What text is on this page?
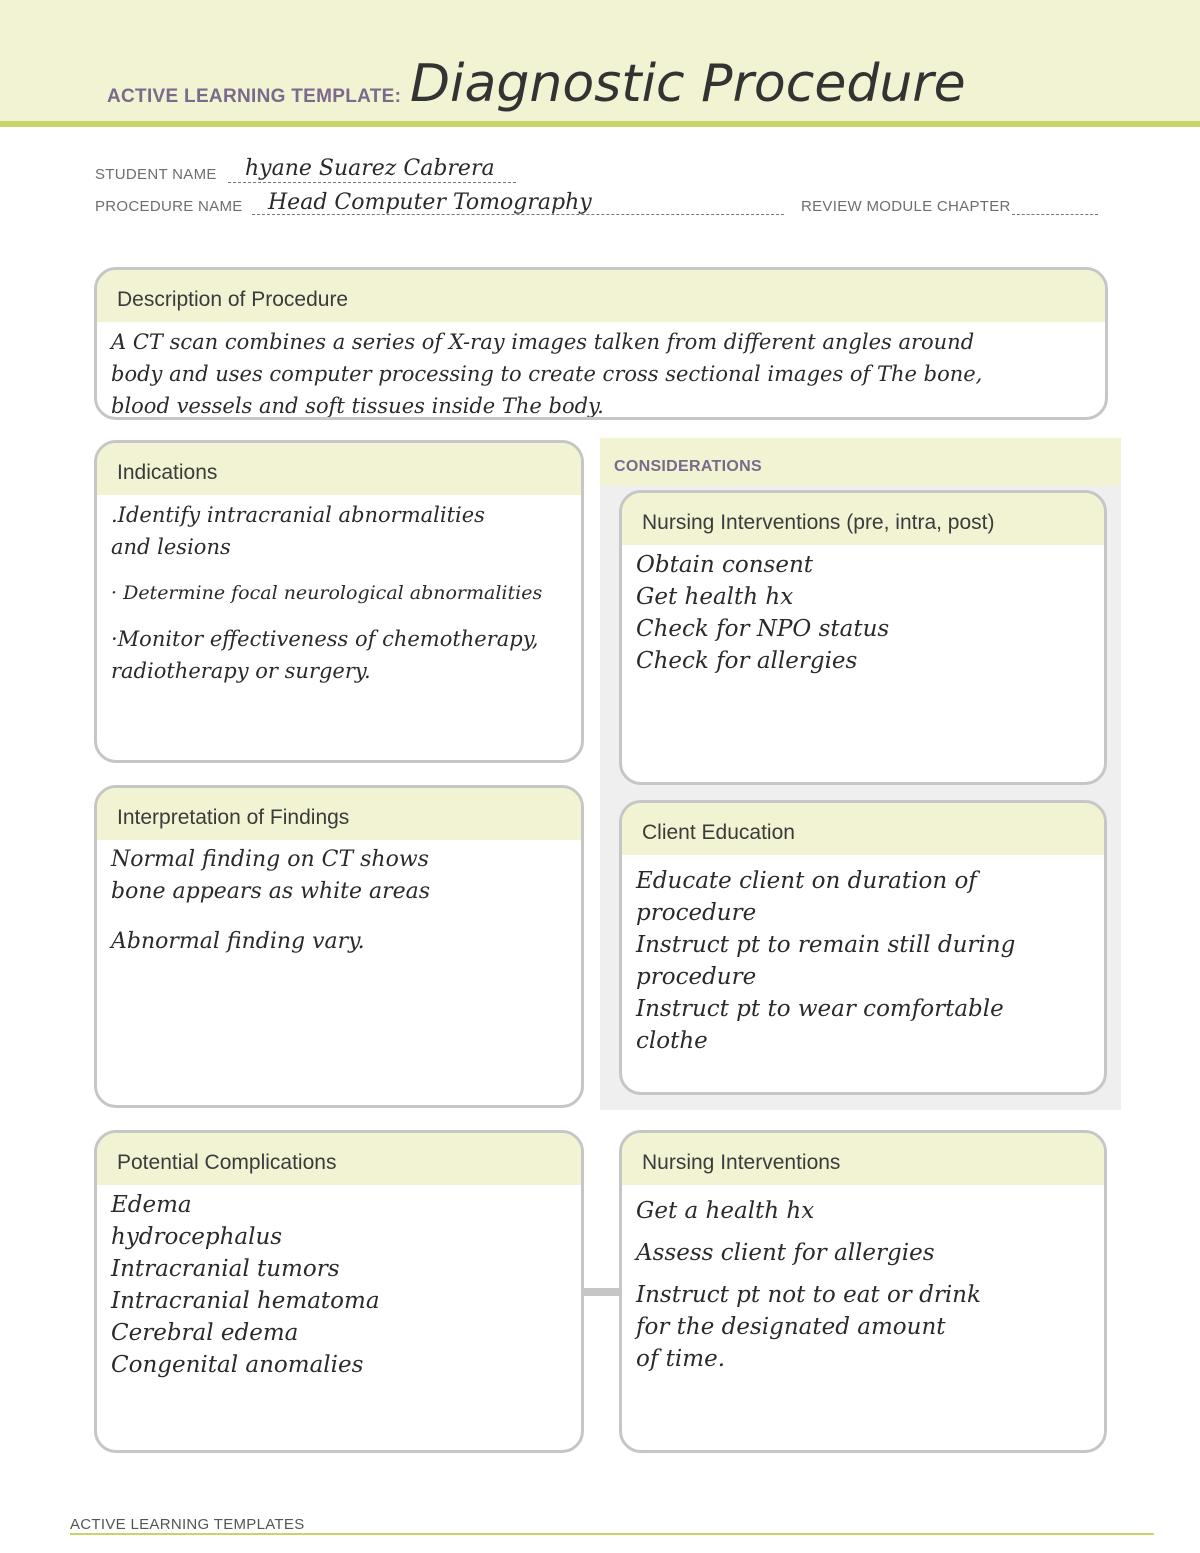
ACTIVE LEARNING TEMPLATE: Diagnostic Procedure
STUDENT NAME hyane Suarez Cabrera
PROCEDURE NAME Head Computer Tomography	REVIEW MODULE CHAPTER
Description of Procedure
A CT scan combines a series of X-ray images talken from different angles around
body and uses computer processing to create cross sectional images of The bone,
blood vessels and soft tissues inside The body.
Indications
.Identify intracranial abnormalities
and lesions
· Determine focal neurological abnormalities
·Monitor effectiveness of chemotherapy,
radiotherapy or surgery.
CONSIDERATIONS
Nursing Interventions (pre, intra, post)
Obtain consent
Get health hx
Check for NPO status
Check for allergies
Interpretation of Findings
Normal finding on CT shows
bone appears as white areas
Abnormal finding vary.
Client Education
Educate client on duration of
procedure
Instruct pt to remain still during
procedure
Instruct pt to wear comfortable
clothe
Potential Complications
Edema
hydrocephalus
Intracranial tumors
Intracranial hematoma
Cerebral edema
Congenital anomalies
Nursing Interventions
Get a health hx
Assess client for allergies
Instruct pt not to eat or drink
for the designated amount
of time.
ACTIVE LEARNING TEMPLATES
